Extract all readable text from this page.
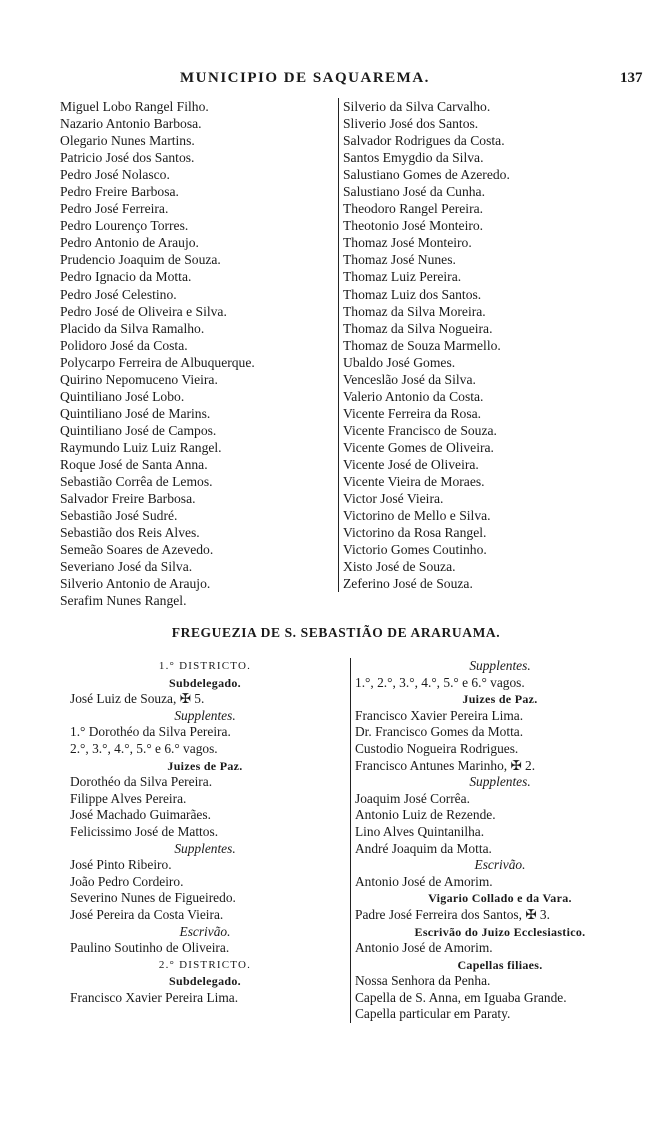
MUNICIPIO DE SAQUAREMA.	137
Miguel Lobo Rangel Filho.
Nazario Antonio Barbosa.
Olegario Nunes Martins.
Patricio José dos Santos.
Pedro José Nolasco.
Pedro Freire Barbosa.
Pedro José Ferreira.
Pedro Lourenço Torres.
Pedro Antonio de Araujo.
Prudencio Joaquim de Souza.
Pedro Ignacio da Motta.
Pedro José Celestino.
Pedro José de Oliveira e Silva.
Placido da Silva Ramalho.
Polidoro José da Costa.
Polycarpo Ferreira de Albuquerque.
Quirino Nepomuceno Vieira.
Quintiliano José Lobo.
Quintiliano José de Marins.
Quintiliano José de Campos.
Raymundo Luiz Luiz Rangel.
Roque José de Santa Anna.
Sebastião Corrêa de Lemos.
Salvador Freire Barbosa.
Sebastião José Sudré.
Sebastião dos Reis Alves.
Semeão Soares de Azevedo.
Severiano José da Silva.
Silverio Antonio de Araujo.
Serafim Nunes Rangel.
Silverio da Silva Carvalho.
Sliverio José dos Santos.
Salvador Rodrigues da Costa.
Santos Emygdio da Silva.
Salustiano Gomes de Azeredo.
Salustiano José da Cunha.
Theodoro Rangel Pereira.
Theotonio José Monteiro.
Thomaz José Monteiro.
Thomaz José Nunes.
Thomaz Luiz Pereira.
Thomaz Luiz dos Santos.
Thomaz da Silva Moreira.
Thomaz da Silva Nogueira.
Thomaz de Souza Marmello.
Ubaldo José Gomes.
Venceslão José da Silva.
Valerio Antonio da Costa.
Vicente Ferreira da Rosa.
Vicente Francisco de Souza.
Vicente Gomes de Oliveira.
Vicente José de Oliveira.
Vicente Vieira de Moraes.
Victor José Vieira.
Victorino de Mello e Silva.
Victorino da Rosa Rangel.
Victorio Gomes Coutinho.
Xisto José de Souza.
Zeferino José de Souza.
FREGUEZIA DE S. SEBASTIÃO DE ARARUAMA.
1.° DISTRICTO.
Subdelegado.
José Luiz de Souza, ✠ 5.
Supplentes.
1.° Dorothéo da Silva Pereira.
2.°, 3.°, 4.°, 5.° e 6.° vagos.
Juizes de Paz.
Dorothéo da Silva Pereira.
Filippe Alves Pereira.
José Machado Guimarães.
Felicissimo José de Mattos.
Supplentes.
José Pinto Ribeiro.
João Pedro Cordeiro.
Severino Nunes de Figueiredo.
José Pereira da Costa Vieira.
Escrivão.
Paulino Soutinho de Oliveira.
2.° DISTRICTO.
Subdelegado.
Francisco Xavier Pereira Lima.
Supplentes.
1.°, 2.°, 3.°, 4.°, 5.° e 6.° vagos.
Juizes de Paz.
Francisco Xavier Pereira Lima.
Dr. Francisco Gomes da Motta.
Custodio Nogueira Rodrigues.
Francisco Antunes Marinho, ✠ 2.
Supplentes.
Joaquim José Corrêa.
Antonio Luiz de Rezende.
Lino Alves Quintanilha.
André Joaquim da Motta.
Escrivão.
Antonio José de Amorim.
Vigario Collado e da Vara.
Padre José Ferreira dos Santos, ✠ 3.
Escrivão do Juizo Ecclesiastico.
Antonio José de Amorim.
Capellas filiaes.
Nossa Senhora da Penha.
Capella de S. Anna, em Iguaba Grande.
Capella particular em Paraty.
